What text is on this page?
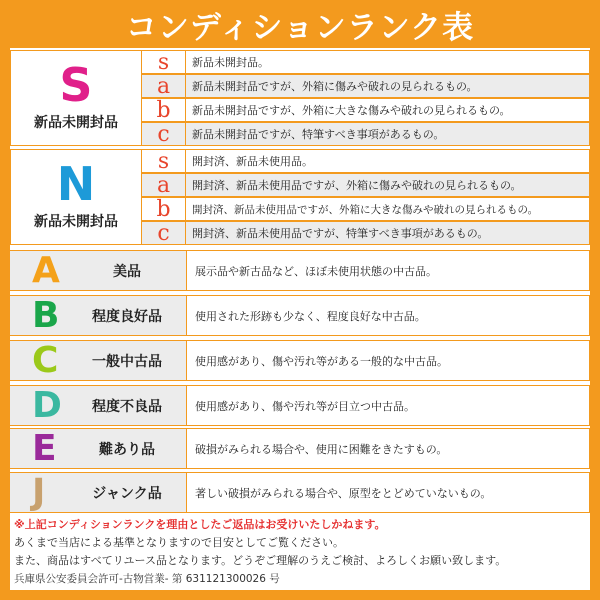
コンディションランク表
S
新品未開封品
s	新品未開封品。
a	新品未開封品ですが、外箱に傷みや破れの見られるもの。
b	新品未開封品ですが、外箱に大きな傷みや破れの見られるもの。
c	新品未開封品ですが、特筆すべき事項があるもの。
N
新品未開封品
s	開封済、新品未使用品。
a	開封済、新品未使用品ですが、外箱に傷みや破れの見られるもの。
b	開封済、新品未使用品ですが、外箱に大きな傷みや破れの見られるもの。
c	開封済、新品未使用品ですが、特筆すべき事項があるもの。
A	美品	展示品や新古品など、ほぼ未使用状態の中古品。
B	程度良好品	使用された形跡も少なく、程度良好な中古品。
C	一般中古品	使用感があり、傷や汚れ等がある一般的な中古品。
D	程度不良品	使用感があり、傷や汚れ等が目立つ中古品。
E	難あり品	破損がみられる場合や、使用に困難をきたすもの。
J	ジャンク品	著しい破損がみられる場合や、原型をとどめていないもの。
※上記コンディションランクを理由としたご返品はお受けいたしかねます。
あくまで当店による基準となりますので目安としてご覧ください。
また、商品はすべてリユース品となります。どうぞご理解のうえご検討、よろしくお願い致します。
兵庫県公安委員会許可-古物営業- 第 631121300026 号
